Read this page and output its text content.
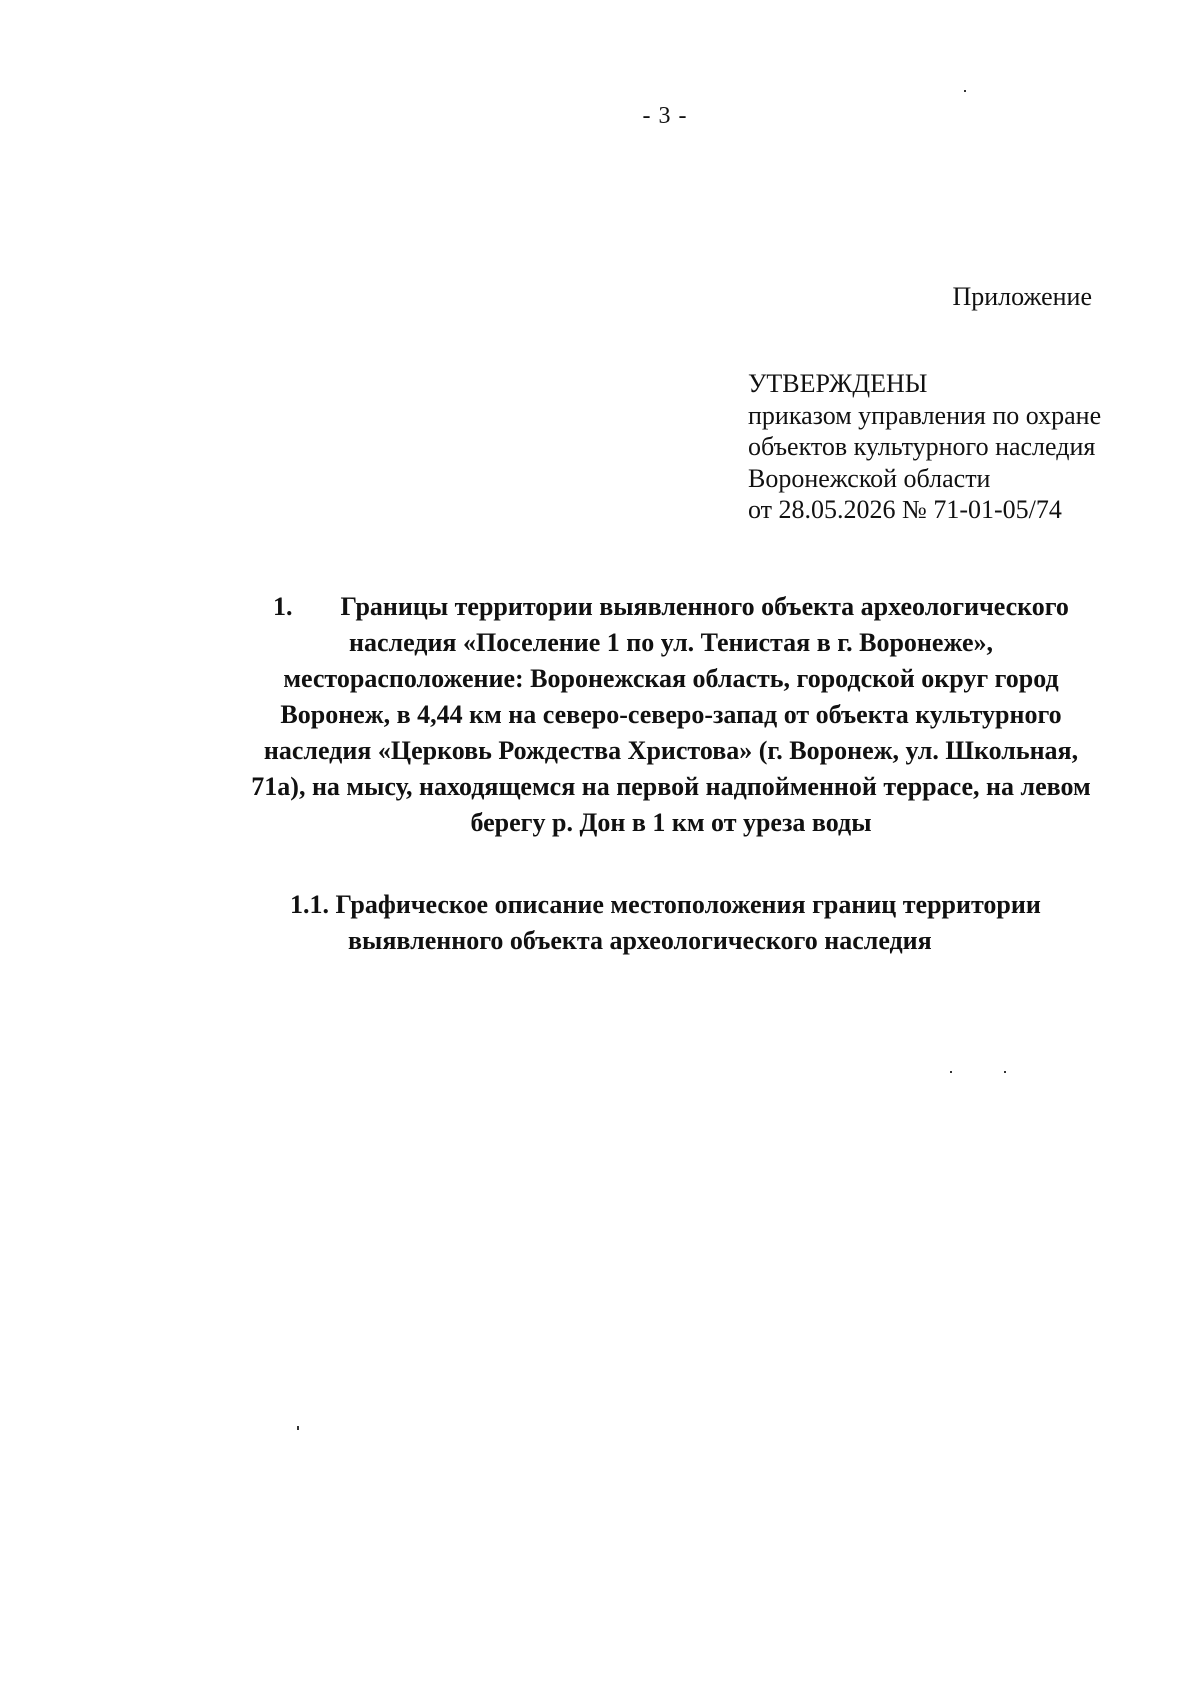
- 3 -
Приложение
УТВЕРЖДЕНЫ
приказом управления по охране
объектов культурного наследия
Воронежской области
от 28.05.2026 № 71-01-05/74
1. Границы территории выявленного объекта археологического
наследия «Поселение 1 по ул. Тенистая в г. Воронеже»,
месторасположение: Воронежская область, городской округ город
Воронеж, в 4,44 км на северо-северо-запад от объекта культурного
наследия «Церковь Рождества Христова» (г. Воронеж, ул. Школьная,
71а), на мысу, находящемся на первой надпойменной террасе, на левом
берегу р. Дон в 1 км от уреза воды
1.1. Графическое описание местоположения границ территории
выявленного объекта археологического наследия
